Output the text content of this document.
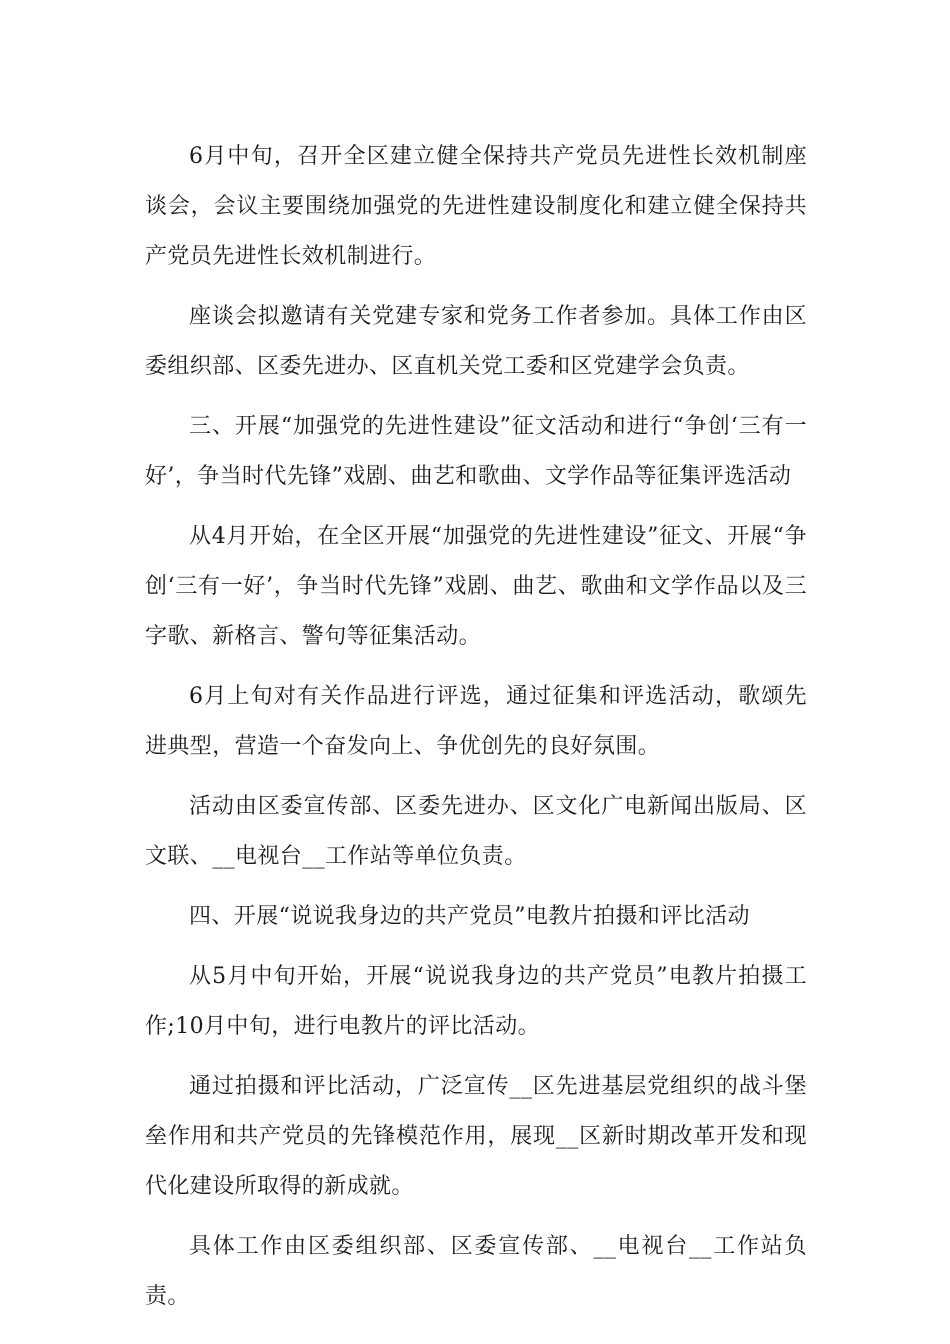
6月中旬，召开全区建立健全保持共产党员先进性长效机制座谈会，会议主要围绕加强党的先进性建设制度化和建立健全保持共产党员先进性长效机制进行。

座谈会拟邀请有关党建专家和党务工作者参加。具体工作由区委组织部、区委先进办、区直机关党工委和区党建学会负责。

三、开展“加强党的先进性建设”征文活动和进行“争创‘三有一好’，争当时代先锋”戏剧、曲艺和歌曲、文学作品等征集评选活动

从4月开始，在全区开展“加强党的先进性建设”征文、开展“争创‘三有一好’，争当时代先锋”戏剧、曲艺、歌曲和文学作品以及三字歌、新格言、警句等征集活动。

6月上旬对有关作品进行评选，通过征集和评选活动，歌颂先进典型，营造一个奋发向上、争优创先的良好氛围。

活动由区委宣传部、区委先进办、区文化广电新闻出版局、区文联、__电视台__工作站等单位负责。

四、开展“说说我身边的共产党员”电教片拍摄和评比活动

从5月中旬开始，开展“说说我身边的共产党员”电教片拍摄工作;10月中旬，进行电教片的评比活动。

通过拍摄和评比活动，广泛宣传__区先进基层党组织的战斗堡垒作用和共产党员的先锋模范作用，展现__区新时期改革开发和现代化建设所取得的新成就。

具体工作由区委组织部、区委宣传部、__电视台__工作站负责。
